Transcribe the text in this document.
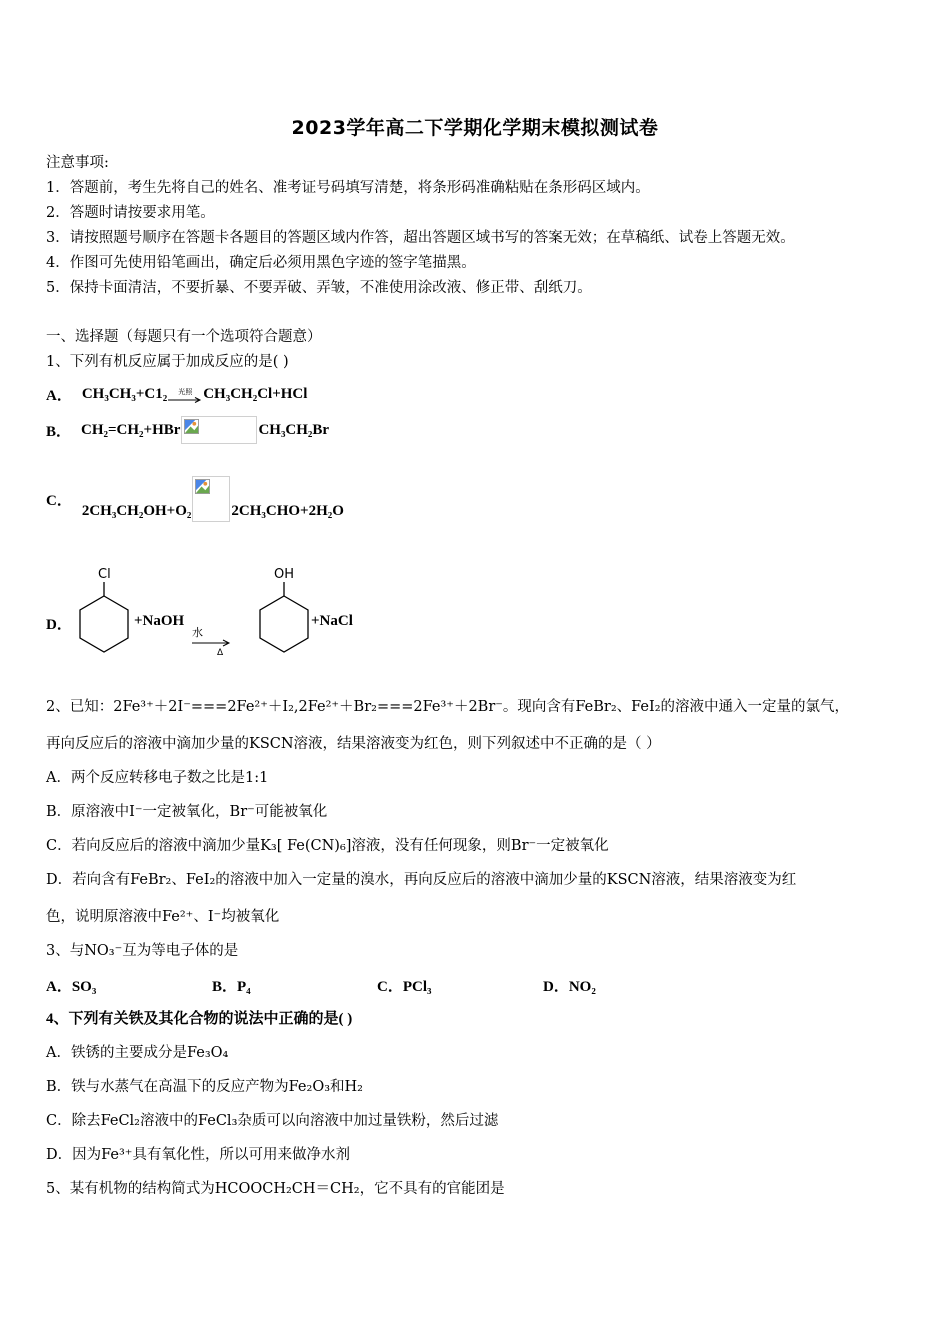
2023学年高二下学期化学期末模拟测试卷
注意事项:
1．答题前，考生先将自己的姓名、准考证号码填写清楚，将条形码准确粘贴在条形码区域内。
2．答题时请按要求用笔。
3．请按照题号顺序在答题卡各题目的答题区域内作答，超出答题区域书写的答案无效；在草稿纸、试卷上答题无效。
4．作图可先使用铅笔画出，确定后必须用黑色字迹的签字笔描黑。
5．保持卡面清洁，不要折暴、不要弄破、弄皱，不准使用涂改液、修正带、刮纸刀。
一、选择题（每题只有一个选项符合题意）
1、下列有机反应属于加成反应的是( )
A． CH₃CH₃+C1₂ 光照 CH₃CH₂Cl+HCl
B． CH₂=CH₂+HBr	CH₃CH₂Br
C．
2CH₃CH₂OH+O₂	2CH₃CHO+2H₂O
D．
Cl
+NaOH
水
Δ
OH
+NaCl
2、已知：2Fe³⁺＋2I⁻===2Fe²⁺＋I₂,2Fe²⁺＋Br₂===2Fe³⁺＋2Br⁻。现向含有FeBr₂、FeI₂的溶液中通入一定量的氯气，
再向反应后的溶液中滴加少量的KSCN溶液，结果溶液变为红色，则下列叙述中不正确的是（ ）
A．两个反应转移电子数之比是1:1
B．原溶液中I⁻一定被氧化，Br⁻可能被氧化
C．若向反应后的溶液中滴加少量K₃[ Fe(CN)₆]溶液，没有任何现象，则Br⁻一定被氧化
D．若向含有FeBr₂、FeI₂的溶液中加入一定量的溴水，再向反应后的溶液中滴加少量的KSCN溶液，结果溶液变为红
色，说明原溶液中Fe²⁺、I⁻均被氧化
3、与NO₃⁻互为等电子体的是
A．SO₃	B．P₄	C．PCl₃	D．NO₂
4、下列有关铁及其化合物的说法中正确的是( )
A．铁锈的主要成分是Fe₃O₄
B．铁与水蒸气在高温下的反应产物为Fe₂O₃和H₂
C．除去FeCl₂溶液中的FeCl₃杂质可以向溶液中加过量铁粉，然后过滤
D．因为Fe³⁺具有氧化性，所以可用来做净水剂
5、某有机物的结构简式为HCOOCH₂CH＝CH₂，它不具有的官能团是
